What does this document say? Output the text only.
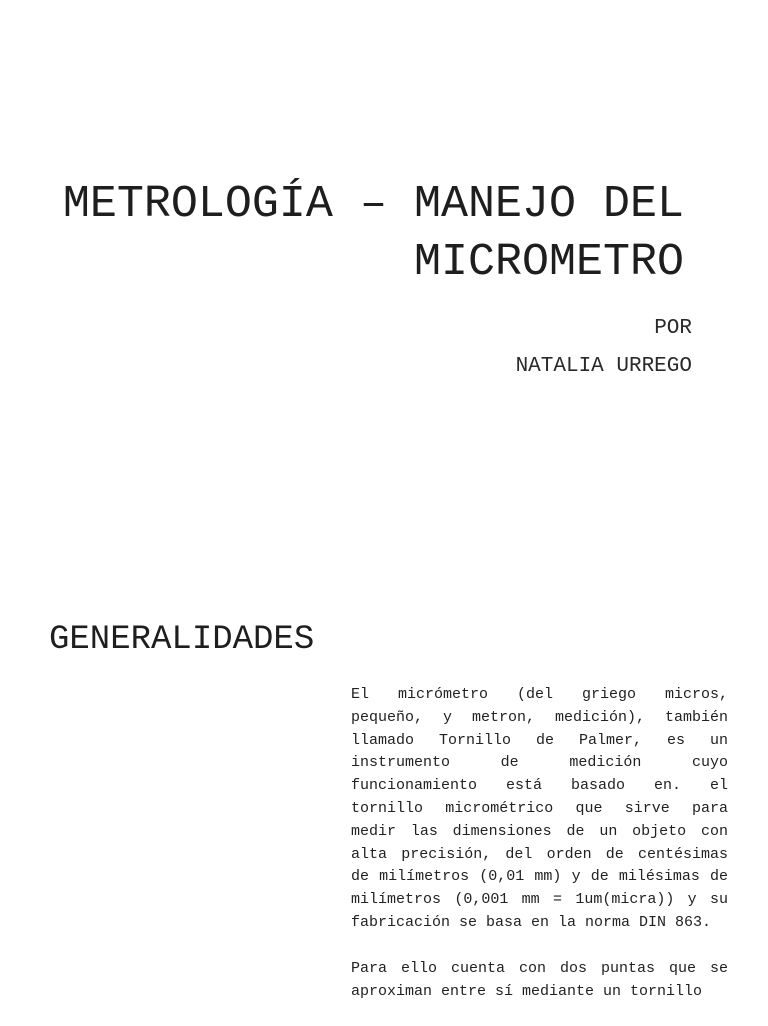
METROLOGÍA – MANEJO DEL MICROMETRO
POR
NATALIA URREGO
GENERALIDADES

El micrómetro (del griego micros, pequeño, y metron, medición), también llamado Tornillo de Palmer, es un instrumento de medición cuyo funcionamiento está basado en. el tornillo micrométrico que sirve para medir las dimensiones de un objeto con alta precisión, del orden de centésimas de milímetros (0,01 mm) y de milésimas de milímetros (0,001 mm = 1um(micra)) y su fabricación se basa en la norma DIN 863.

Para ello cuenta con dos puntas que se aproximan entre sí mediante un tornillo
